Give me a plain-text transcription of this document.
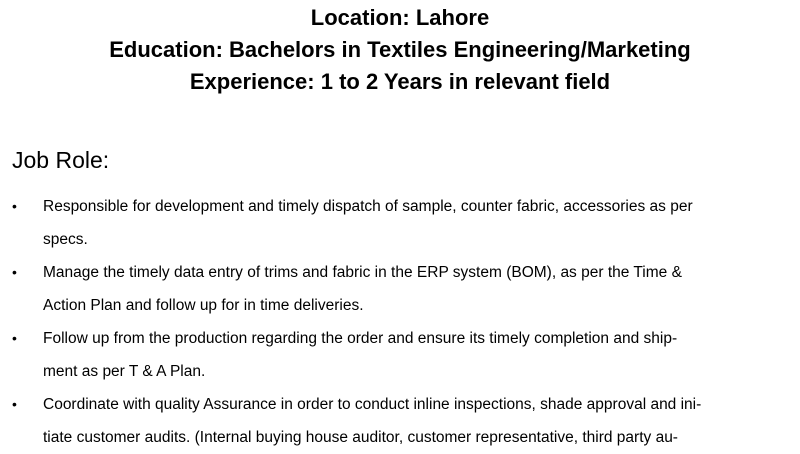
Location: Lahore
Education: Bachelors in Textiles Engineering/Marketing
Experience: 1 to 2 Years in relevant field
Job Role:
• Responsible for development and timely dispatch of sample, counter fabric, accessories as per
specs.
• Manage the timely data entry of trims and fabric in the ERP system (BOM), as per the Time &
Action Plan and follow up for in time deliveries.
• Follow up from the production regarding the order and ensure its timely completion and ship-
ment as per T & A Plan.
• Coordinate with quality Assurance in order to conduct inline inspections, shade approval and ini-
tiate customer audits. (Internal buying house auditor, customer representative, third party au-
